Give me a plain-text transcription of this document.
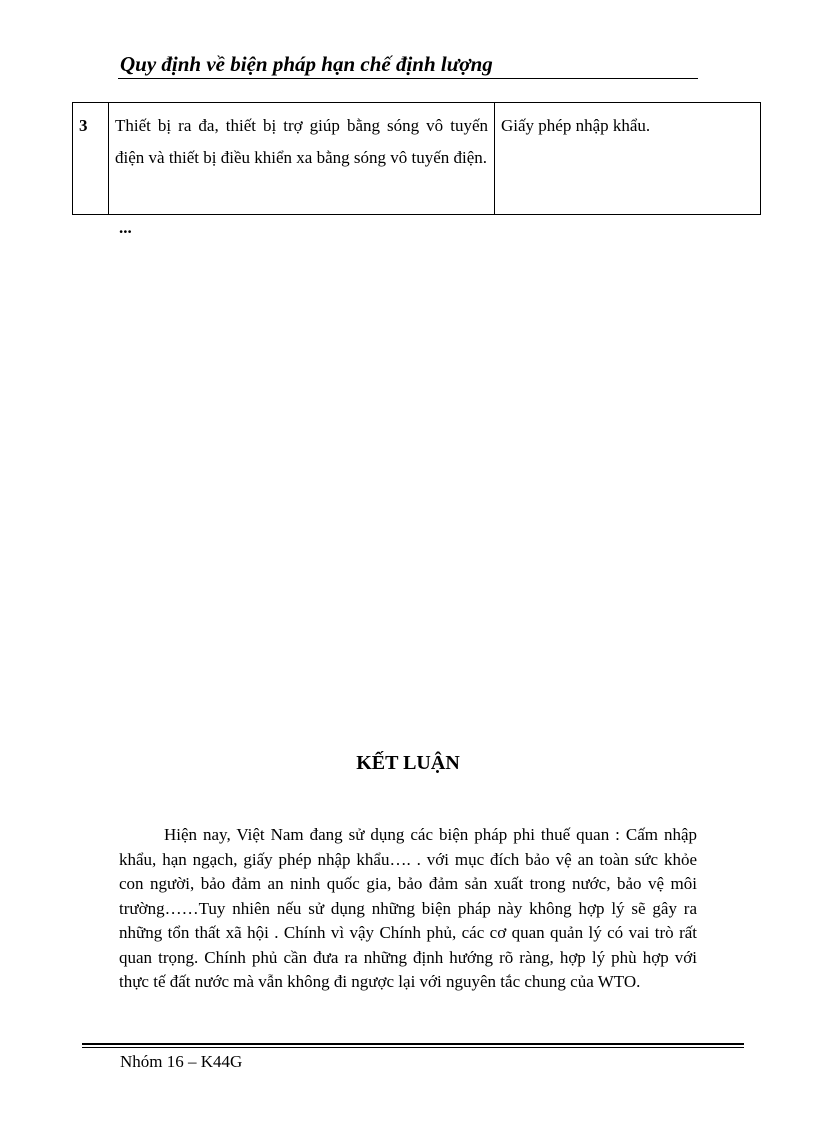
Quy định về biện pháp hạn chế định lượng
3	Thiết bị ra đa, thiết bị trợ giúp bằng sóng vô tuyến điện và thiết bị điều khiển xa bằng sóng vô tuyến điện.	Giấy phép nhập khẩu.
...
KẾT LUẬN

Hiện nay, Việt Nam đang sử dụng các biện pháp phi thuế quan : Cấm nhập khẩu, hạn ngạch, giấy phép nhập khẩu…. . với mục đích bảo vệ an toàn sức khỏe con người, bảo đảm an ninh quốc gia, bảo đảm sản xuất trong nước, bảo vệ môi trường……Tuy nhiên nếu sử dụng những biện pháp này không hợp lý sẽ gây ra những tổn thất xã hội . Chính vì vậy Chính phủ, các cơ quan quản lý có vai trò rất quan trọng. Chính phủ cần đưa ra những định hướng rõ ràng, hợp lý phù hợp với thực tế đất nước mà vẫn không đi ngược lại với nguyên tắc chung của WTO.

Nhóm 16 – K44G
